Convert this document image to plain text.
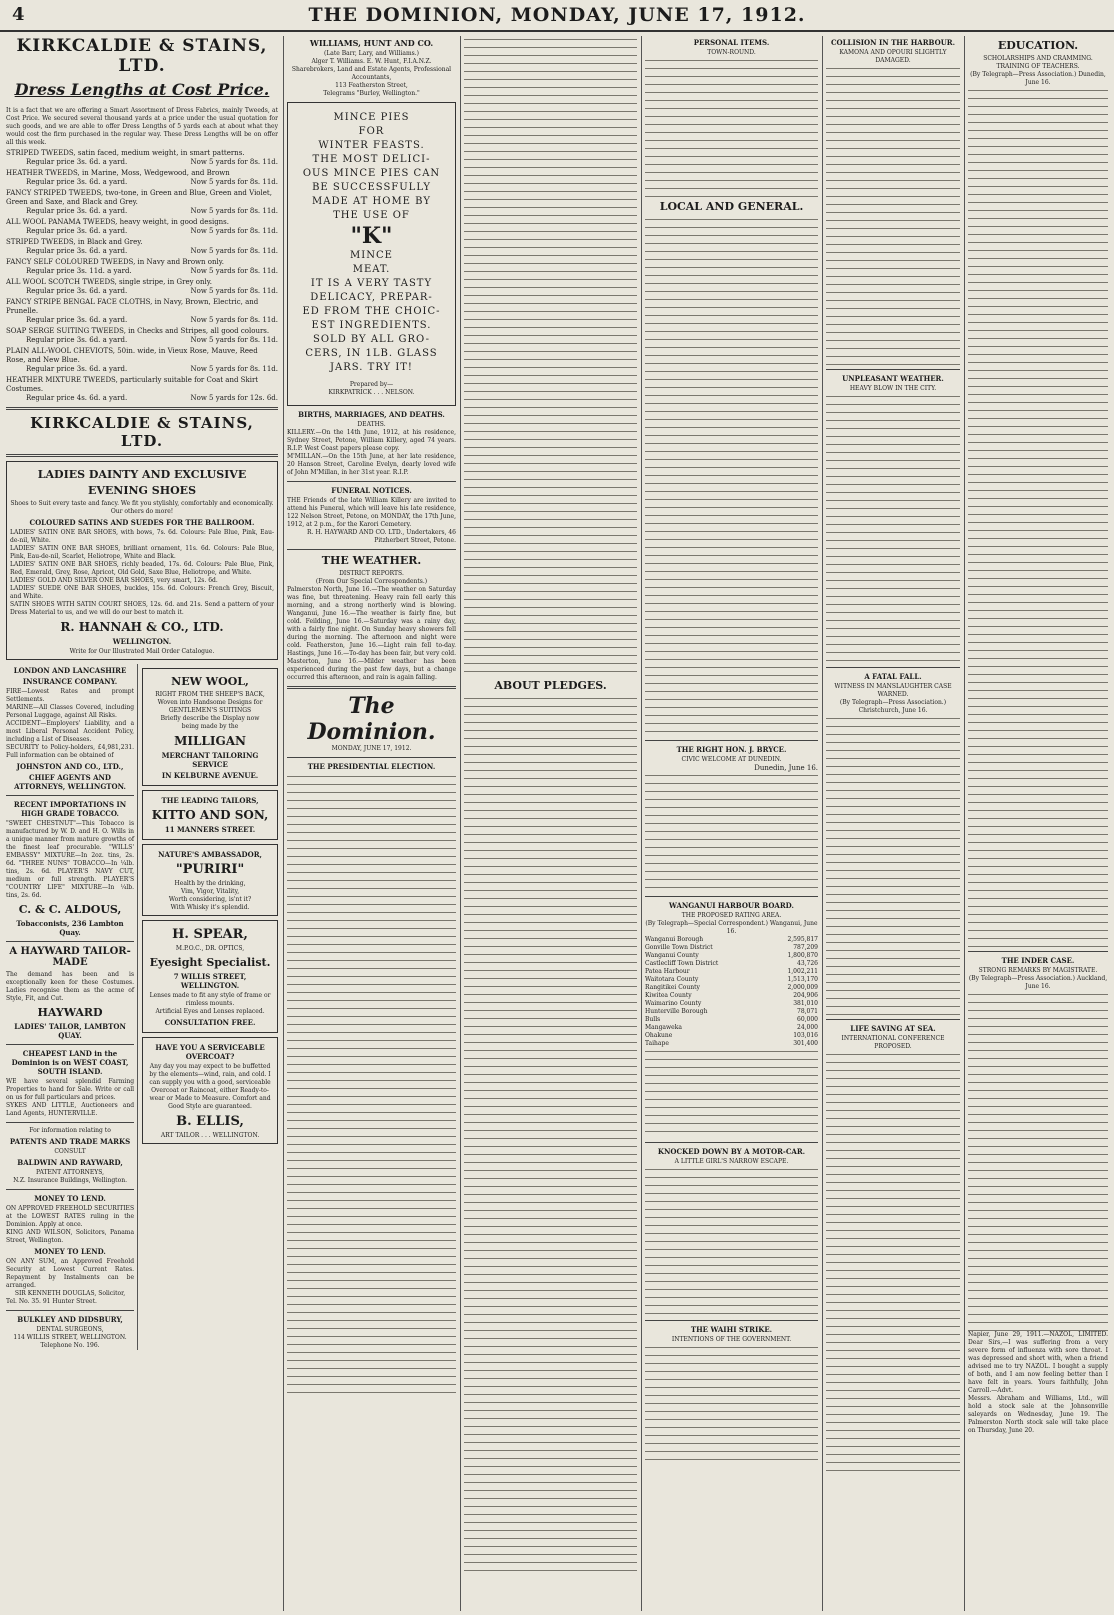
4	THE DOMINION, MONDAY, JUNE 17, 1912.
KIRKCALDIE & STAINS, LTD.
Dress Lengths at Cost Price.
It is a fact that we are offering a Smart Assortment of Dress Fabrics, mainly Tweeds, at Cost Price. We secured several thousand yards at a price under the usual quotation for such goods, and we are able to offer Dress Lengths of 5 yards each at about what they would cost the firm purchased in the regular way. These Dress Lengths will be on offer all this week.
STRIPED TWEEDS, satin faced, medium weight, in smart patterns.
Regular price 3s. 6d. a yard.	Now 5 yards for 8s. 11d.
HEATHER TWEEDS, in Marine, Moss, Wedgewood, and Brown
Regular price 3s. 6d. a yard.	Now 5 yards for 8s. 11d.
FANCY STRIPED TWEEDS, two-tone, in Green and Blue, Green and Violet, Green and Saxe, and Black and Grey.
Regular price 3s. 6d. a yard.	Now 5 yards for 8s. 11d.
ALL WOOL PANAMA TWEEDS, heavy weight, in good designs.
Regular price 3s. 6d. a yard.	Now 5 yards for 8s. 11d.
STRIPED TWEEDS, in Black and Grey.
Regular price 3s. 6d. a yard.	Now 5 yards for 8s. 11d.
FANCY SELF COLOURED TWEEDS, in Navy and Brown only.
Regular price 3s. 11d. a yard.	Now 5 yards for 8s. 11d.
ALL WOOL SCOTCH TWEEDS, single stripe, in Grey only.
Regular price 3s. 6d. a yard.	Now 5 yards for 8s. 11d.
FANCY STRIPE BENGAL FACE CLOTHS, in Navy, Brown, Electric, and Prunelle.
Regular price 3s. 6d. a yard.	Now 5 yards for 8s. 11d.
SOAP SERGE SUITING TWEEDS, in Checks and Stripes, all good colours.
Regular price 3s. 6d. a yard.	Now 5 yards for 8s. 11d.
PLAIN ALL-WOOL CHEVIOTS, 50in. wide, in Vieux Rose, Mauve, Reed Rose, and New Blue.
Regular price 3s. 6d. a yard.	Now 5 yards for 8s. 11d.
HEATHER MIXTURE TWEEDS, particularly suitable for Coat and Skirt Costumes.
Regular price 4s. 6d. a yard.	Now 5 yards for 12s. 6d.
KIRKCALDIE & STAINS, LTD.
LADIES DAINTY AND EXCLUSIVE
EVENING SHOES
Shoes to Suit every taste and fancy. We fit you stylishly, comfortably and economically. Our others do more!
COLOURED SATINS AND SUEDES FOR THE BALLROOM.
LADIES' SATIN ONE BAR SHOES, with bows, 7s. 6d. Colours: Pale Blue, Pink, Eau-de-nil, White.
LADIES' SATIN ONE BAR SHOES, brilliant ornament, 11s. 6d. Colours: Pale Blue, Pink, Eau-de-nil, Scarlet, Heliotrope, White and Black.
LADIES' SATIN ONE BAR SHOES, richly beaded, 17s. 6d. Colours: Pale Blue, Pink, Red, Emerald, Grey, Rose, Apricot, Old Gold, Saxe Blue, Heliotrope, and White.
LADIES' GOLD AND SILVER ONE BAR SHOES, very smart, 12s. 6d.
LADIES' SUEDE ONE BAR SHOES, buckles, 15s. 6d. Colours: French Grey, Biscuit, and White.
SATIN SHOES WITH SATIN COURT SHOES, 12s. 6d. and 21s. Send a pattern of your Dress Material to us, and we will do our best to match it.
R. HANNAH & CO., LTD.
WELLINGTON.
Write for Our Illustrated Mail Order Catalogue.
LONDON AND LANCASHIRE
INSURANCE COMPANY.
FIRE—Lowest Rates and prompt Settlements.
MARINE—All Classes Covered, including Personal Luggage, against All Risks.
ACCIDENT—Employers' Liability, and a most Liberal Personal Accident Policy, including a List of Diseases.
SECURITY to Policy-holders, £4,981,231. Full information can be obtained of
JOHNSTON AND CO., LTD.,
CHIEF AGENTS AND ATTORNEYS, WELLINGTON.
RECENT IMPORTATIONS IN HIGH GRADE TOBACCO.
"SWEET CHESTNUT"—This Tobacco is manufactured by W. D. and H. O. Wills in a unique manner from mature growths of the finest leaf procurable. "WILLS' EMBASSY" MIXTURE—In 2oz. tins, 2s. 6d. "THREE NUNS" TOBACCO—In ¼lb. tins, 2s. 6d. PLAYER'S NAVY CUT, medium or full strength. PLAYER'S "COUNTRY LIFE" MIXTURE—In ¼lb. tins, 2s. 6d.
C. & C. ALDOUS,
Tobacconists, 236 Lambton Quay.
A HAYWARD TAILOR-MADE
The demand has been and is exceptionally keen for these Costumes. Ladies recognise them as the acme of Style, Fit, and Cut.
HAYWARD
LADIES' TAILOR, LAMBTON QUAY.
CHEAPEST LAND in the Dominion is on WEST COAST, SOUTH ISLAND.
WE have several splendid Farming Properties to hand for Sale. Write or call on us for full particulars and prices.
SYKES AND LITTLE, Auctioneers and Land Agents, HUNTERVILLE.
For information relating to
PATENTS AND TRADE MARKS
CONSULT
BALDWIN AND RAYWARD,
PATENT ATTORNEYS,
N.Z. Insurance Buildings, Wellington.
MONEY TO LEND.
ON APPROVED FREEHOLD SECURITIES at the LOWEST RATES ruling in the Dominion. Apply at once.
KING AND WILSON, Solicitors, Panama Street, Wellington.
MONEY TO LEND.
ON ANY SUM, an Approved Freehold Security at Lowest Current Rates. Repayment by Instalments can be arranged.
SIR KENNETH DOUGLAS, Solicitor,
Tel. No. 35. 91 Hunter Street.
BULKLEY AND DIDSBURY,
DENTAL SURGEONS,
114 WILLIS STREET, WELLINGTON.
Telephone No. 196.
NEW WOOL,
RIGHT FROM THE SHEEP'S BACK,
Woven into Handsome Designs for
GENTLEMEN'S SUITINGS
Briefly describe the Display now
being made by the
MILLIGAN
MERCHANT TAILORING SERVICE
IN KELBURNE AVENUE.
THE LEADING TAILORS,
KITTO AND SON,
11 MANNERS STREET.
NATURE'S AMBASSADOR,
"PURIRI"
Health by the drinking,
Vim, Vigor, Vitality,
Worth considering, is'nt it?
With Whisky it's splendid.
H. SPEAR,
M.P.O.C., DR. OPTICS,
Eyesight Specialist.
7 WILLIS STREET, WELLINGTON.
Lenses made to fit any style of frame or rimless mounts.
Artificial Eyes and Lenses replaced.
CONSULTATION FREE.
HAVE YOU A SERVICEABLE OVERCOAT?
Any day you may expect to be buffetted by the elements—wind, rain, and cold. I can supply you with a good, serviceable Overcoat or Raincoat, either Ready-to-wear or Made to Measure. Comfort and Good Style are guaranteed.
B. ELLIS,
ART TAILOR . . . WELLINGTON.
WILLIAMS, HUNT AND CO.
(Late Barr, Lary, and Williams.)
Alger T. Williams. E. W. Hunt, F.I.A.N.Z.
Sharebrokers, Land and Estate Agents, Professional Accountants,
113 Featherston Street,
Telegrams "Burley, Wellington."
MINCE PIES
FOR
WINTER FEASTS.
THE MOST DELICI-
OUS MINCE PIES CAN
BE SUCCESSFULLY
MADE AT HOME BY
THE USE OF
"K"
MINCE
MEAT.
IT IS A VERY TASTY
DELICACY, PREPAR-
ED FROM THE CHOIC-
EST INGREDIENTS.
SOLD BY ALL GRO-
CERS, IN 1LB. GLASS
JARS. TRY IT!
Prepared by—
KIRKPATRICK . . . NELSON.
BIRTHS, MARRIAGES, AND DEATHS.
DEATHS.
KILLERY.—On the 14th June, 1912, at his residence, Sydney Street, Petone, William Killery, aged 74 years. R.I.P. West Coast papers please copy.
M'MILLAN.—On the 15th June, at her late residence, 20 Hanson Street, Caroline Evelyn, dearly loved wife of John M'Millan, in her 31st year. R.I.P.
FUNERAL NOTICES.
THE Friends of the late William Killery are invited to attend his Funeral, which will leave his late residence, 122 Nelson Street, Petone, on MONDAY, the 17th June, 1912, at 2 p.m., for the Karori Cemetery.
R. H. HAYWARD AND CO. LTD., Undertakers, 46 Pitzherbert Street, Petone.
THE WEATHER.
DISTRICT REPORTS.
(From Our Special Correspondents.)
Palmerston North, June 16.—The weather on Saturday was fine, but threatening. Heavy rain fell early this morning, and a strong northerly wind is blowing. Wanganui, June 16.—The weather is fairly fine, but cold. Feilding, June 16.—Saturday was a rainy day, with a fairly fine night. On Sunday heavy showers fell during the morning. The afternoon and night were cold. Featherston, June 16.—Light rain fell to-day. Hastings, June 16.—To-day has been fair, but very cold. Masterton, June 16.—Milder weather has been experienced during the past few days, but a change occurred this afternoon, and rain is again falling.
The Dominion.
MONDAY, JUNE 17, 1912.
THE PRESIDENTIAL ELECTION.
ABOUT PLEDGES.
PERSONAL ITEMS.
TOWN-ROUND.
LOCAL AND GENERAL.
THE RIGHT HON. J. BRYCE.
CIVIC WELCOME AT DUNEDIN.
Dunedin, June 16.
WANGANUI HARBOUR BOARD.
THE PROPOSED RATING AREA.
(By Telegraph—Special Correspondent.) Wanganui, June 16.
Wanganui Borough	2,595,817
Gonville Town District	787,209
Wanganui County	1,800,870
Castlecliff Town District	43,726
Patea Harbour	1,002,211
Waitotara County	1,513,170
Rangitikei County	2,000,009
Kiwitea County	204,906
Waimarino County	381,010
Hunterville Borough	78,071
Bulls	60,000
Mangaweka	24,000
Ohakune	103,016
Taihape	301,400
KNOCKED DOWN BY A MOTOR-CAR.
A LITTLE GIRL'S NARROW ESCAPE.
THE WAIHI STRIKE.
INTENTIONS OF THE GOVERNMENT.
COLLISION IN THE HARBOUR.
KAMONA AND OPOURI SLIGHTLY DAMAGED.
UNPLEASANT WEATHER.
HEAVY BLOW IN THE CITY.
A FATAL FALL.
WITNESS IN MANSLAUGHTER CASE WARNED.
(By Telegraph—Press Association.) Christchurch, June 16.
LIFE SAVING AT SEA.
INTERNATIONAL CONFERENCE PROPOSED.
EDUCATION.
SCHOLARSHIPS AND CRAMMING.
TRAINING OF TEACHERS.
(By Telegraph—Press Association.) Dunedin, June 16.
THE INDER CASE.
STRONG REMARKS BY MAGISTRATE.
(By Telegraph—Press Association.) Auckland, June 16.
Napier, June 29, 1911.—NAZOL, LIMITED. Dear Sirs,—I was suffering from a very severe form of influenza with sore throat. I was depressed and short with, when a friend advised me to try NAZOL. I bought a supply of both, and I am now feeling better than I have felt in years. Yours faithfully, John Carroll.—Advt.
Messrs. Abraham and Williams, Ltd., will hold a stock sale at the Johnsonville saleyards on Wednesday, June 19. The Palmerston North stock sale will take place on Thursday, June 20.
